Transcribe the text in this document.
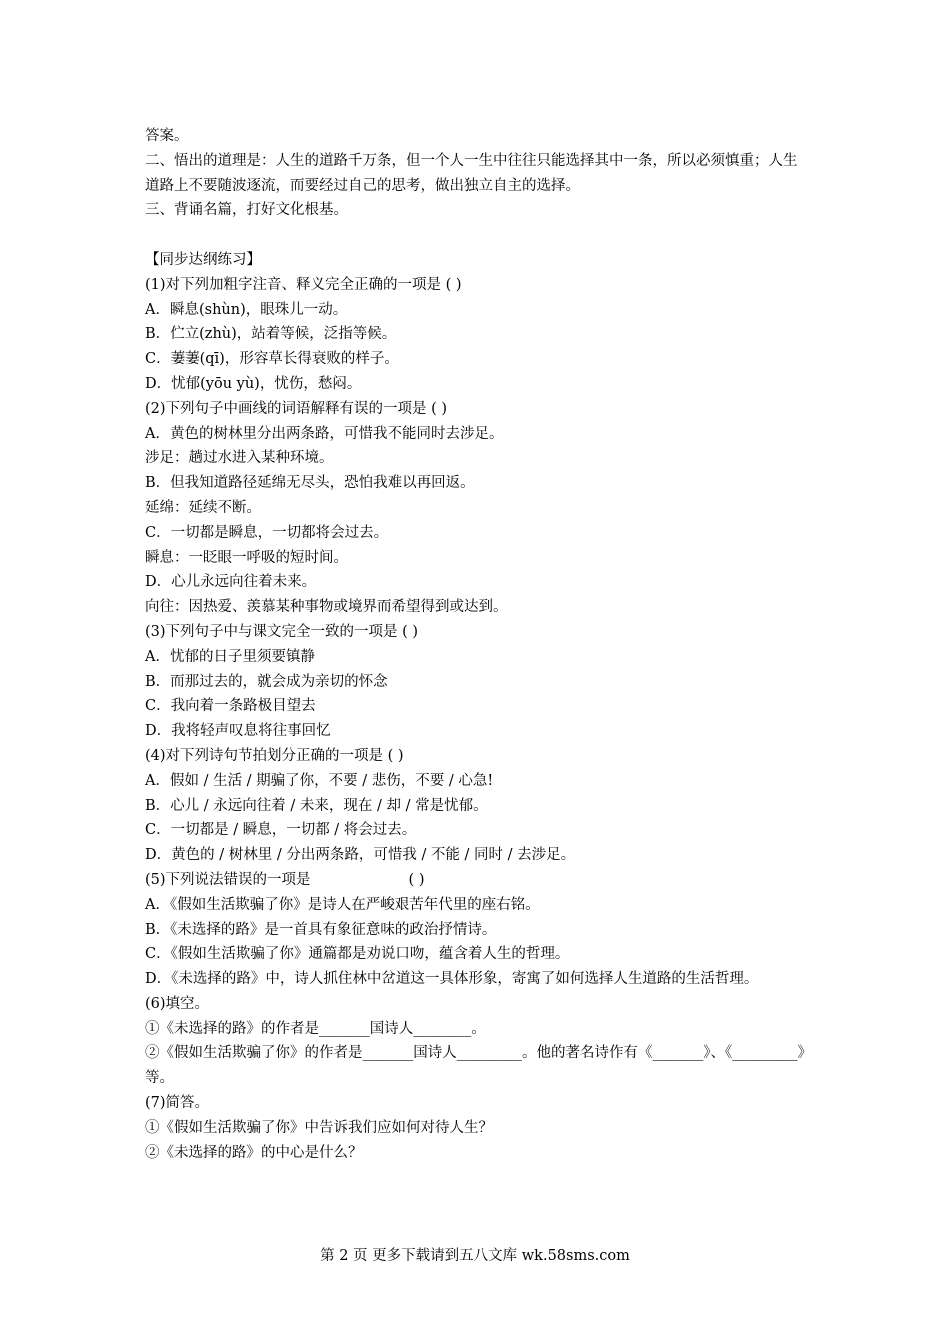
答案。

二、悟出的道理是：人生的道路千万条，但一个人一生中往往只能选择其中一条，所以必须慎重；人生道路上不要随波逐流，而要经过自己的思考，做出独立自主的选择。

三、背诵名篇，打好文化根基。

【同步达纲练习】

(1)对下列加粗字注音、释义完全正确的一项是 ( )

A．瞬息(shùn)，眼珠儿一动。

B．伫立(zhù)，站着等候，泛指等候。

C．萋萋(qī)，形容草长得衰败的样子。

D．忧郁(yōu yù)，忧伤，愁闷。

(2)下列句子中画线的词语解释有误的一项是 ( )

A．黄色的树林里分出两条路，可惜我不能同时去涉足。

涉足：趟过水进入某种环境。

B．但我知道路径延绵无尽头，恐怕我难以再回返。

延绵：延续不断。

C．一切都是瞬息，一切都将会过去。

瞬息：一眨眼一呼吸的短时间。

D．心儿永远向往着未来。

向往：因热爱、羡慕某种事物或境界而希望得到或达到。

(3)下列句子中与课文完全一致的一项是 ( )

A．忧郁的日子里须要镇静

B．而那过去的，就会成为亲切的怀念

C．我向着一条路极目望去

D．我将轻声叹息将往事回忆

(4)对下列诗句节拍划分正确的一项是 ( )

A．假如 / 生活 / 期骗了你，不要 / 悲伤，不要 / 心急!

B．心儿 / 永远向往着 / 未来，现在 / 却 / 常是忧郁。

C．一切都是 / 瞬息，一切都 / 将会过去。

D．黄色的 / 树林里 / 分出两条路，可惜我 / 不能 / 同时 / 去涉足。

(5)下列说法错误的一项是	( )

A．《假如生活欺骗了你》是诗人在严峻艰苦年代里的座右铭。

B．《未选择的路》是一首具有象征意味的政治抒情诗。

C．《假如生活欺骗了你》通篇都是劝说口吻，蕴含着人生的哲理。

D．《未选择的路》中，诗人抓住林中岔道这一具体形象，寄寓了如何选择人生道路的生活哲理。

(6)填空。

①《未选择的路》的作者是_______国诗人________。

②《假如生活欺骗了你》的作者是_______国诗人_________。他的著名诗作有《_______》、《_________》等。

(7)简答。

①《假如生活欺骗了你》中告诉我们应如何对待人生？

②《未选择的路》的中心是什么？

第 2 页 更多下载请到五八文库 wk.58sms.com
